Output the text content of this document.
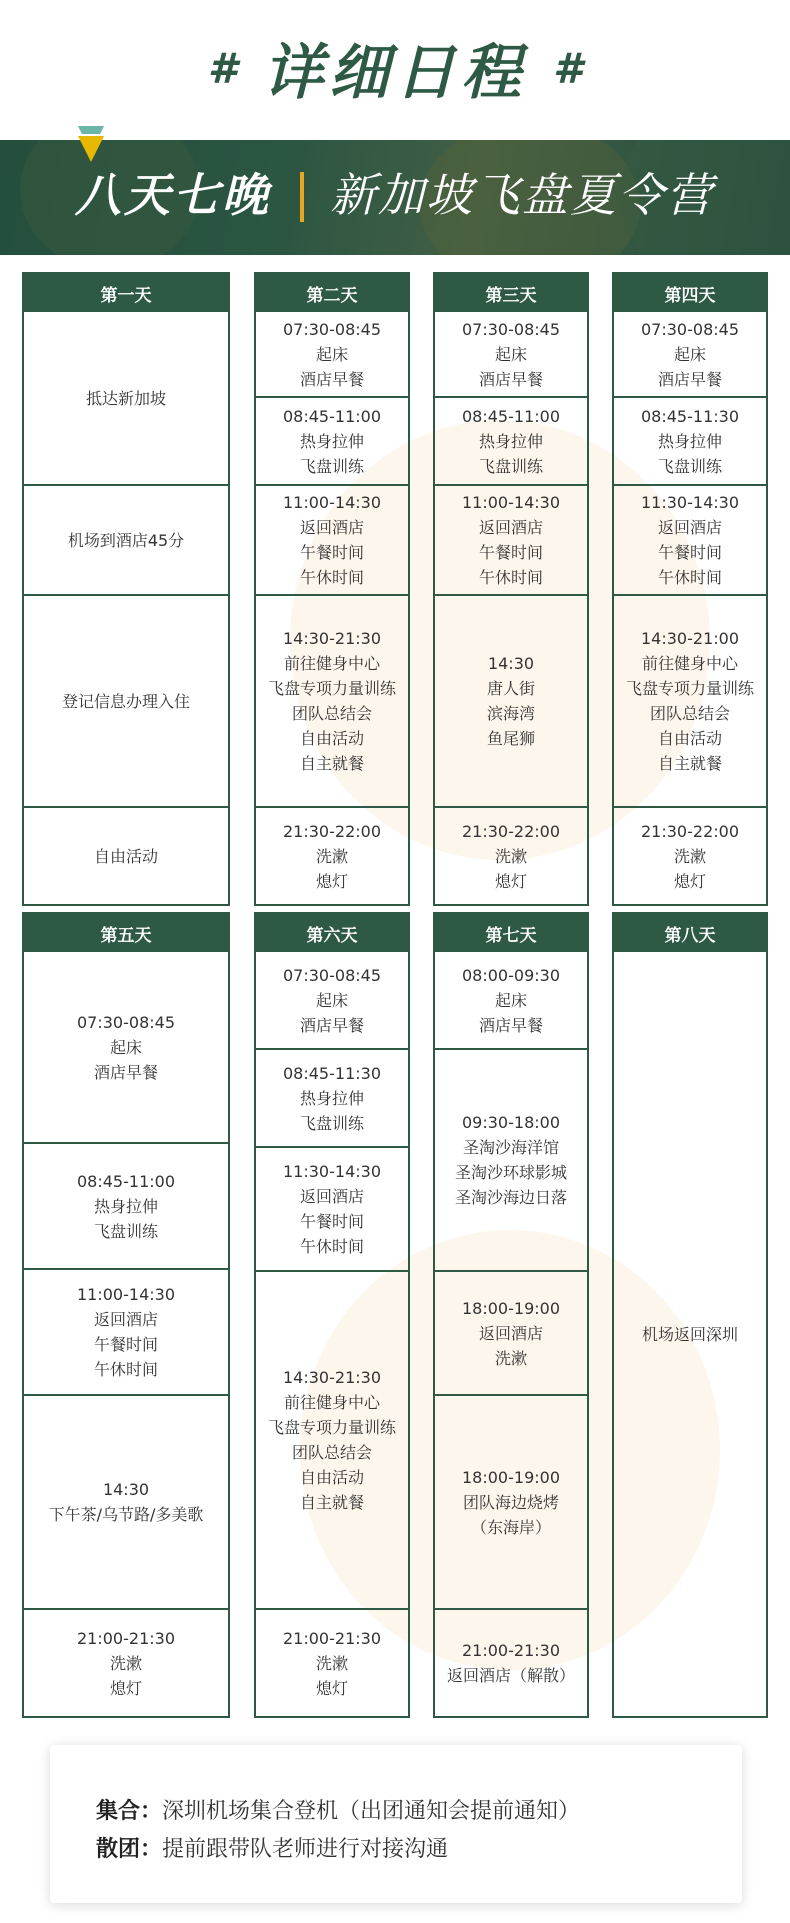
# 详细日程 #
八天七晚 新加坡飞盘夏令营
第一天
抵达新加坡
机场到酒店45分
登记信息办理入住
自由活动
第二天
07:30-08:45
起床
酒店早餐
08:45-11:00
热身拉伸
飞盘训练
11:00-14:30
返回酒店
午餐时间
午休时间
14:30-21:30
前往健身中心
飞盘专项力量训练
团队总结会
自由活动
自主就餐
21:30-22:00
洗漱
熄灯
第三天
07:30-08:45
起床
酒店早餐
08:45-11:00
热身拉伸
飞盘训练
11:00-14:30
返回酒店
午餐时间
午休时间
14:30
唐人街
滨海湾
鱼尾狮
21:30-22:00
洗漱
熄灯
第四天
07:30-08:45
起床
酒店早餐
08:45-11:30
热身拉伸
飞盘训练
11:30-14:30
返回酒店
午餐时间
午休时间
14:30-21:00
前往健身中心
飞盘专项力量训练
团队总结会
自由活动
自主就餐
21:30-22:00
洗漱
熄灯
第五天
07:30-08:45
起床
酒店早餐
08:45-11:00
热身拉伸
飞盘训练
11:00-14:30
返回酒店
午餐时间
午休时间
14:30
下午茶/乌节路/多美歌
21:00-21:30
洗漱
熄灯
第六天
07:30-08:45
起床
酒店早餐
08:45-11:30
热身拉伸
飞盘训练
11:30-14:30
返回酒店
午餐时间
午休时间
14:30-21:30
前往健身中心
飞盘专项力量训练
团队总结会
自由活动
自主就餐
21:00-21:30
洗漱
熄灯
第七天
08:00-09:30
起床
酒店早餐
09:30-18:00
圣淘沙海洋馆
圣淘沙环球影城
圣淘沙海边日落
18:00-19:00
返回酒店
洗漱
18:00-19:00
团队海边烧烤
（东海岸）
21:00-21:30
返回酒店（解散）
第八天
机场返回深圳
集合：深圳机场集合登机（出团通知会提前通知）
散团：提前跟带队老师进行对接沟通
